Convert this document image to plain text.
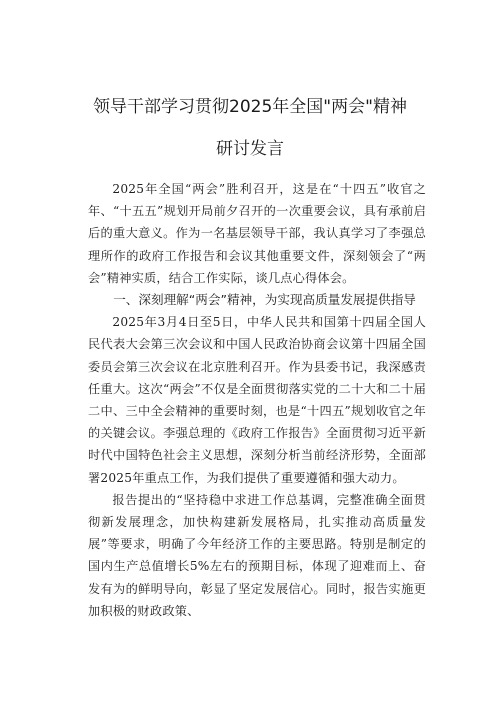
领导干部学习贯彻2025年全国"两会"精神
研讨发言

2025年全国“两会”胜利召开，这是在“十四五”收官之年、“十五五”规划开局前夕召开的一次重要会议，具有承前启后的重大意义。作为一名基层领导干部，我认真学习了李强总理所作的政府工作报告和会议其他重要文件，深刻领会了“两会”精神实质，结合工作实际，谈几点心得体会。

一、深刻理解“两会”精神，为实现高质量发展提供指导

2025年3月4日至5日，中华人民共和国第十四届全国人民代表大会第三次会议和中国人民政治协商会议第十四届全国委员会第三次会议在北京胜利召开。作为县委书记，我深感责任重大。这次“两会”不仅是全面贯彻落实党的二十大和二十届二中、三中全会精神的重要时刻，也是“十四五”规划收官之年的关键会议。李强总理的《政府工作报告》全面贯彻习近平新时代中国特色社会主义思想，深刻分析当前经济形势，全面部署2025年重点工作，为我们提供了重要遵循和强大动力。

报告提出的“坚持稳中求进工作总基调，完整准确全面贯彻新发展理念，加快构建新发展格局，扎实推动高质量发展”等要求，明确了今年经济工作的主要思路。特别是制定的国内生产总值增长5%左右的预期目标，体现了迎难而上、奋发有为的鲜明导向，彰显了坚定发展信心。同时，报告实施更加积极的财政政策、
